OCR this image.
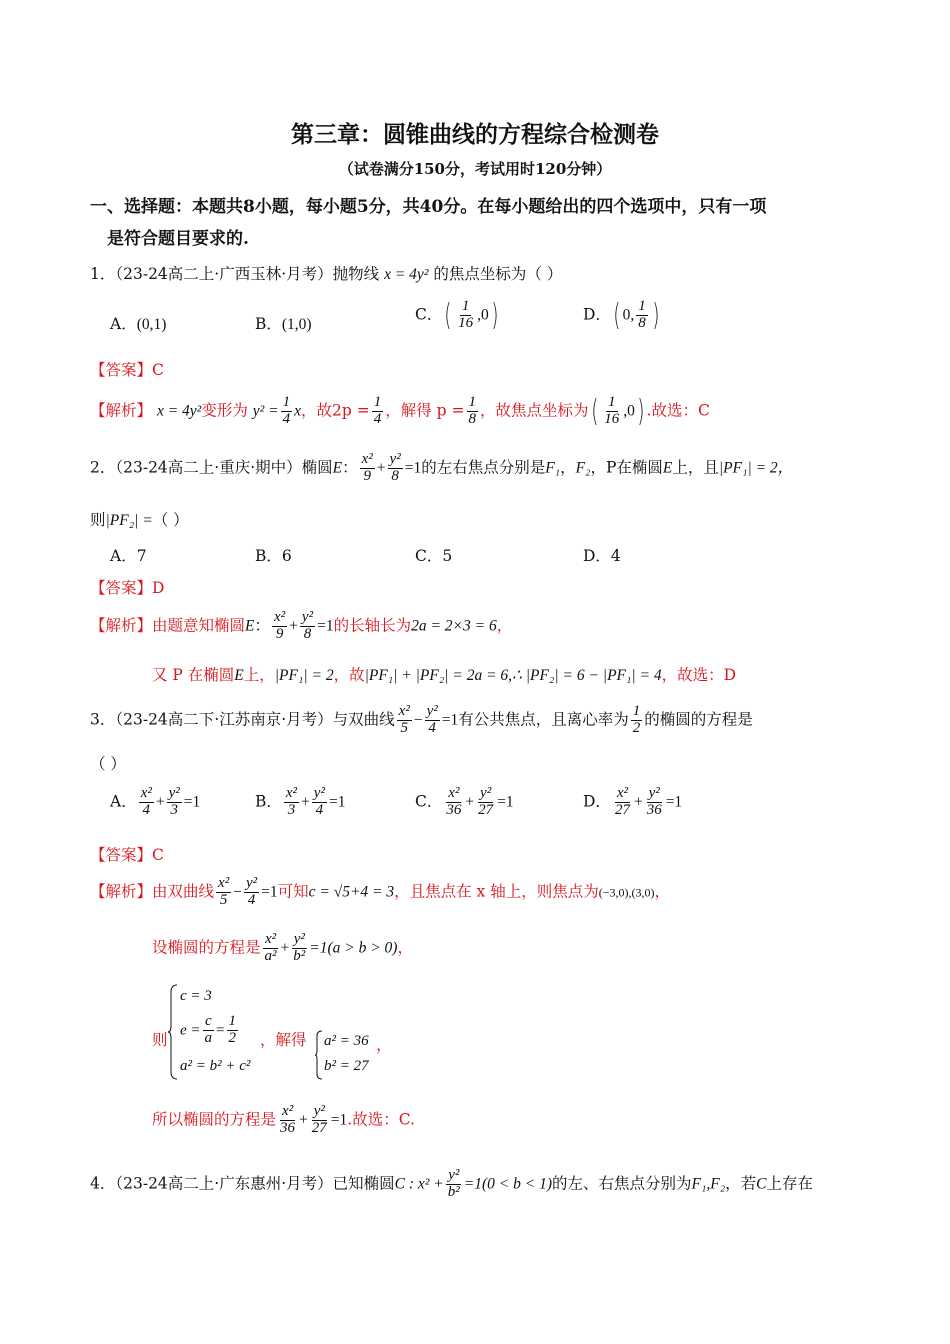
第三章：圆锥曲线的方程综合检测卷
（试卷满分150分，考试用时120分钟）
一、选择题：本题共8小题，每小题5分，共40分。在每小题给出的四个选项中，只有一项
是符合题目要求的.
1．（23-24高二上·广西玉林·月考）抛物线 x = 4y² 的焦点坐标为（ ）
A．(0,1)	B．(1,0)
C．( $\frac{1}{16} ,0$)	D．( 0, $\frac{1}{8}$ )
【答案】C
【解析】 x = 4y²变形为 $y^2 = \frac{1}{4}$ x，故$2p = \frac{1}{4}$ ，解得 $p = \frac{1}{8}$ ，故焦点坐标为( $\frac{1}{16} ,0$) .故选：C
2．（23-24高二上·重庆·期中）椭圆E： $\frac{\text{x²}}{9} + \frac{\text{y²}}{8} =1$的左右焦点分别是F₁，F₂，P在椭圆E上，且|PF₁| = 2，
则|PF₂| =（ ）
A．7	B．6	C．5	D．4
【答案】D
【解析】由题意知椭圆E： $\frac{\text{x²}}{9} + \frac{\text{y²}}{8} =1$的长轴长为2a = 2×3 = 6，
又 P 在椭圆E上，|PF₁| = 2，故|PF₁| + |PF₂| = 2a = 6,∴ |PF₂| = 6 − |PF₁| = 4，故选：D
3．（23-24高二下·江苏南京·月考）与双曲线 $\frac{\text{x²}}{5} - \frac{\text{y²}}{4} =1$有公共焦点，且离心率为 $\frac{1}{2}$ 的椭圆的方程是
（ ）
A． $\frac{\text{x²}}{4} + \frac{\text{y²}}{3} =1$	B． $\frac{\text{x²}}{3} + \frac{\text{y²}}{4} =1$	C． $\frac{\text{x²}}{36} + \frac{\text{y²}}{27} =1$	D． $\frac{\text{x²}}{27} + \frac{\text{y²}}{36} =1$
【答案】C
【解析】由双曲线 $\frac{\text{x²}}{5} - \frac{\text{y²}}{4} =1$可知c = √5+4 = 3，且焦点在 x 轴上，则焦点为(−3,0),(3,0)，
设椭圆的方程是 $\frac{\text{x²}}{\text{a²}} + \frac{\text{y²}}{\text{b²}} =1(a > b > 0)$，
则
c = 3
$e = \frac{c}{a} = \frac{1}{2}$
a² = b² + c²
，解得 a² = 36
b² = 27
，
所以椭圆的方程是 $\frac{\text{x²}}{36} + \frac{\text{y²}}{27} =1$.故选：C.
4．（23-24高二上·广东惠州·月考）已知椭圆C : $x^2 + \frac{\text{y²}}{\text{b²}} =1(0 < b < 1)$的左、右焦点分别为F₁,F₂，若C上存在
